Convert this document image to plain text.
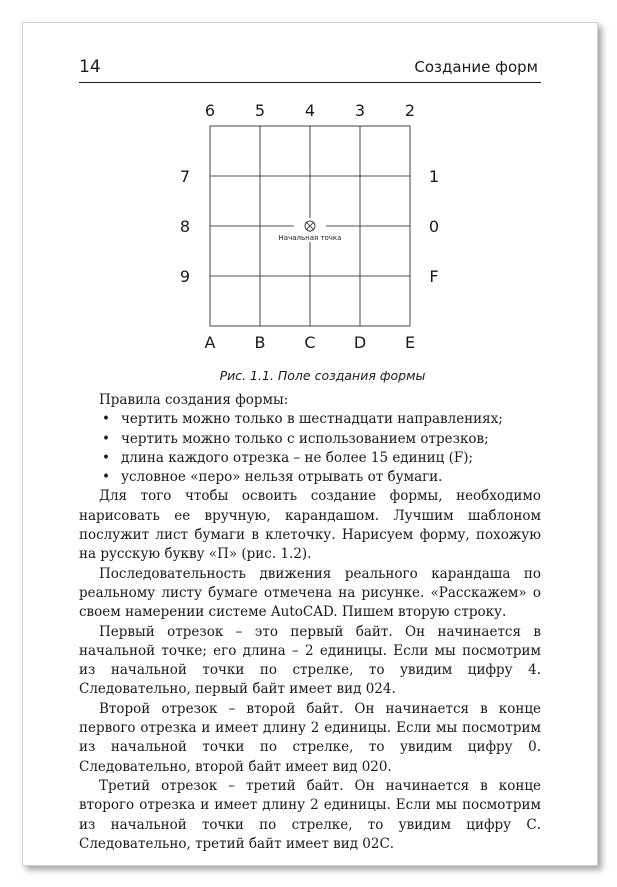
14	Создание форм
Начальная точка
6 5 4 3 2
7
8
9
1
0
F
A B C D E
Рис. 1.1. Поле создания формы

Правила создания формы:

• чертить можно только в шестнадцати направлениях;
• чертить можно только с использованием отрезков;
• длина каждого отрезка – не более 15 единиц (F);
• условное «перо» нельзя отрывать от бумаги.

Для того чтобы освоить создание формы, необходимо нарисовать ее вручную, карандашом. Лучшим шаблоном послужит лист бумаги в клеточку. Нарисуем форму, похожую на русскую букву «П» (рис. 1.2).

Последовательность движения реального карандаша по реальному листу бумаге отмечена на рисунке. «Расскажем» о своем намерении системе AutoCAD. Пишем вторую строку.

Первый отрезок – это первый байт. Он начинается в начальной точке; его длина – 2 единицы. Если мы посмотрим из начальной точки по стрелке, то увидим цифру 4. Следовательно, первый байт имеет вид 024.

Второй отрезок – второй байт. Он начинается в конце первого отрезка и имеет длину 2 единицы. Если мы посмотрим из начальной точки по стрелке, то увидим цифру 0. Следовательно, второй байт имеет вид 020.

Третий отрезок – третий байт. Он начинается в конце второго отрезка и имеет длину 2 единицы. Если мы посмотрим из начальной точки по стрелке, то увидим цифру С. Следовательно, третий байт имеет вид 02С.
